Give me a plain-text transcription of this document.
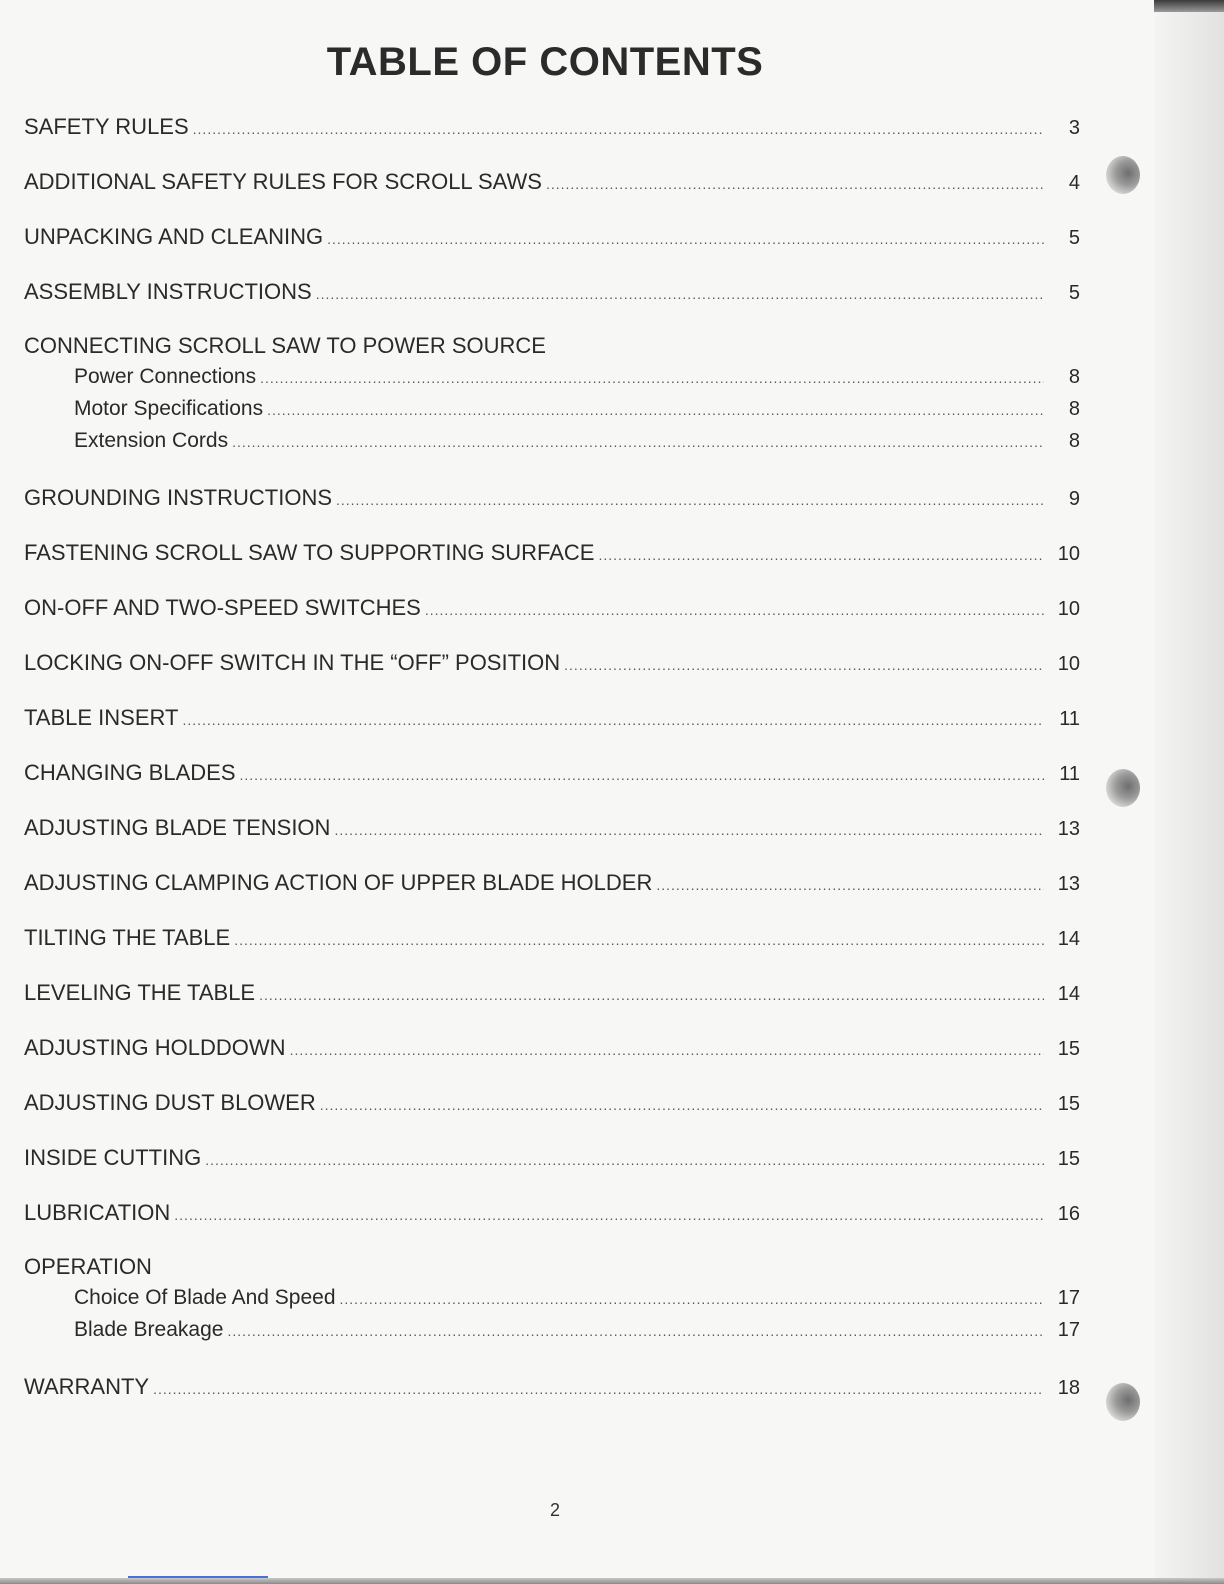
TABLE OF CONTENTS
SAFETY RULES .....	3
ADDITIONAL SAFETY RULES FOR SCROLL SAWS .....	4
UNPACKING AND CLEANING .....	5
ASSEMBLY INSTRUCTIONS .....	5
CONNECTING SCROLL SAW TO POWER SOURCE
Power Connections .....	8
Motor Specifications .....	8
Extension Cords .....	8
GROUNDING INSTRUCTIONS .....	9
FASTENING SCROLL SAW TO SUPPORTING SURFACE .....	10
ON-OFF AND TWO-SPEED SWITCHES .....	10
LOCKING ON-OFF SWITCH IN THE “OFF” POSITION .....	10
TABLE INSERT .....	11
CHANGING BLADES .....	11
ADJUSTING BLADE TENSION .....	13
ADJUSTING CLAMPING ACTION OF UPPER BLADE HOLDER .....	13
TILTING THE TABLE .....	14
LEVELING THE TABLE .....	14
ADJUSTING HOLDDOWN .....	15
ADJUSTING DUST BLOWER .....	15
INSIDE CUTTING .....	15
LUBRICATION .....	16
OPERATION
Choice Of Blade And Speed .....	17
Blade Breakage .....	17
WARRANTY .....	18
2
